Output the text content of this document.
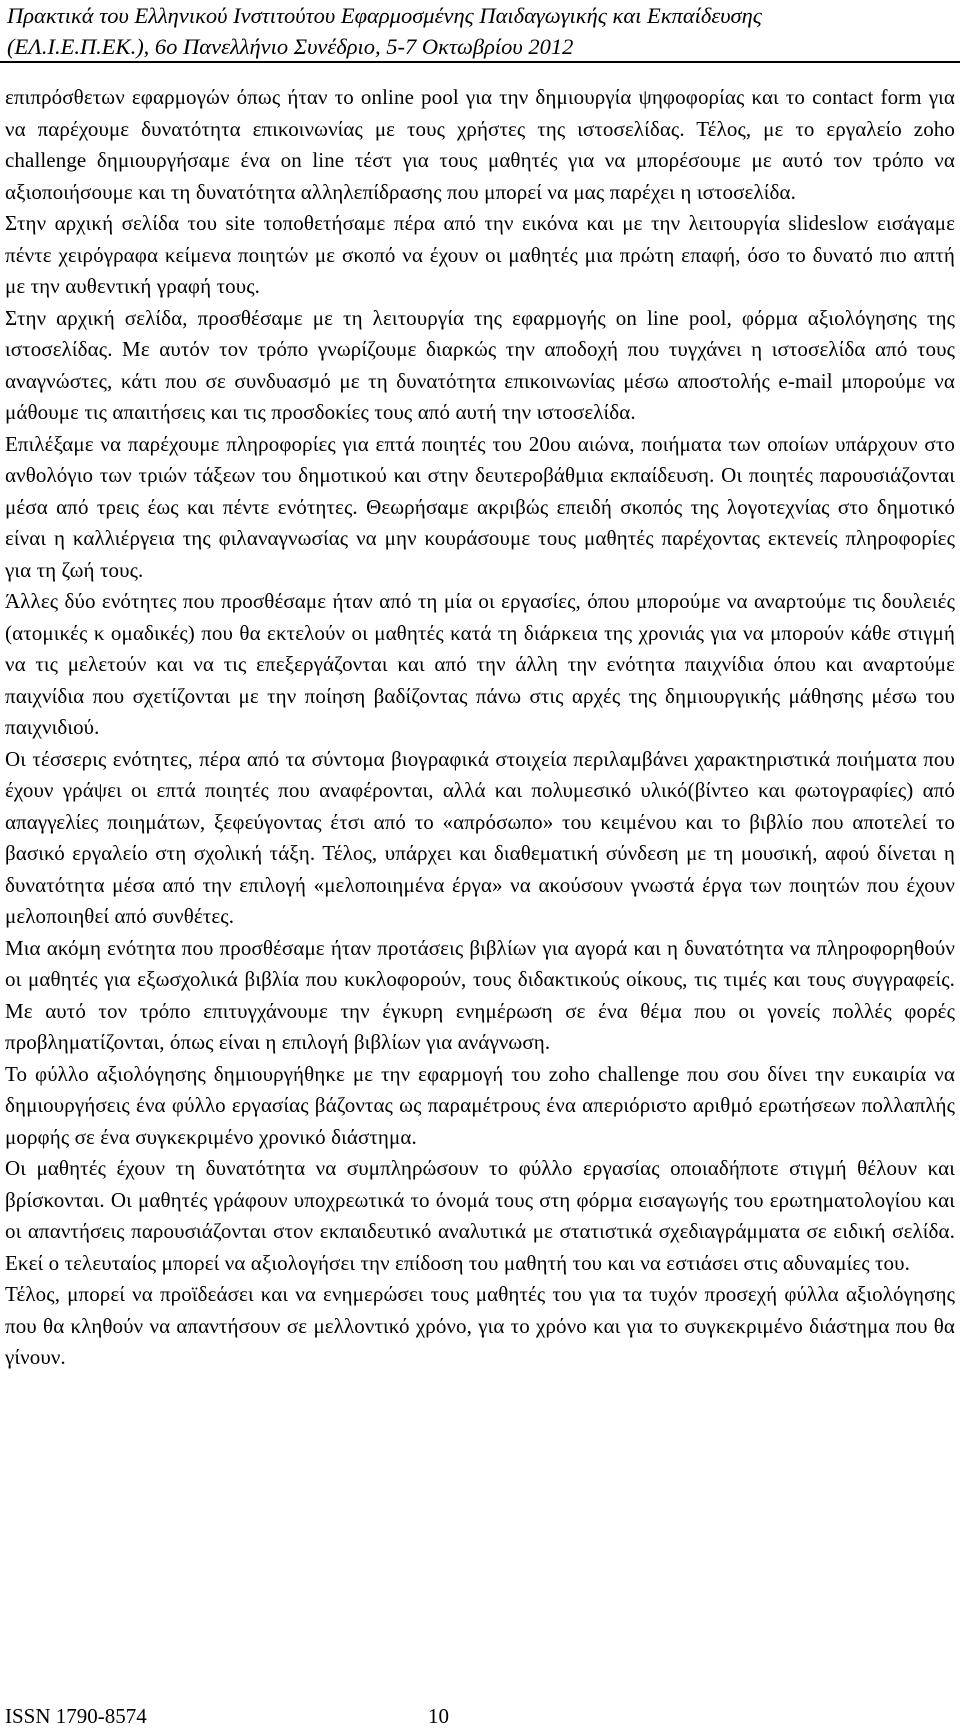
Πρακτικά του Ελληνικού Ινστιτούτου Εφαρμοσμένης Παιδαγωγικής και Εκπαίδευσης
(ΕΛ.Ι.Ε.Π.ΕΚ.), 6ο Πανελλήνιο Συνέδριο, 5-7 Οκτωβρίου 2012

επιπρόσθετων εφαρμογών όπως ήταν το online pool για την δημιουργία ψηφοφορίας και το contact form για να παρέχουμε δυνατότητα επικοινωνίας με τους χρήστες της ιστοσελίδας. Τέλος, με το εργαλείο zoho challenge δημιουργήσαμε ένα on line τέστ για τους μαθητές για να μπορέσουμε με αυτό τον τρόπο να αξιοποιήσουμε και τη δυνατότητα αλληλεπίδρασης που μπορεί να μας παρέχει η ιστοσελίδα.

Στην αρχική σελίδα του site τοποθετήσαμε πέρα από την εικόνα και με την λειτουργία slideslow εισάγαμε πέντε χειρόγραφα κείμενα ποιητών με σκοπό να έχουν οι μαθητές μια πρώτη επαφή, όσο το δυνατό πιο απτή με την αυθεντική γραφή τους.

Στην αρχική σελίδα, προσθέσαμε με τη λειτουργία της εφαρμογής on line pool, φόρμα αξιολόγησης της ιστοσελίδας. Με αυτόν τον τρόπο γνωρίζουμε διαρκώς την αποδοχή που τυγχάνει η ιστοσελίδα από τους αναγνώστες, κάτι που σε συνδυασμό με τη δυνατότητα επικοινωνίας μέσω αποστολής e-mail μπορούμε να μάθουμε τις απαιτήσεις και τις προσδοκίες τους από αυτή την ιστοσελίδα.

Επιλέξαμε να παρέχουμε πληροφορίες για επτά ποιητές του 20ου αιώνα, ποιήματα των οποίων υπάρχουν στο ανθολόγιο των τριών τάξεων του δημοτικού και στην δευτεροβάθμια εκπαίδευση. Οι ποιητές παρουσιάζονται μέσα από τρεις έως και πέντε ενότητες. Θεωρήσαμε ακριβώς επειδή σκοπός της λογοτεχνίας στο δημοτικό είναι η καλλιέργεια της φιλαναγνωσίας να μην κουράσουμε τους μαθητές παρέχοντας εκτενείς πληροφορίες για τη ζωή τους.

Άλλες δύο ενότητες που προσθέσαμε ήταν από τη μία οι εργασίες, όπου μπορούμε να αναρτούμε τις δουλειές (ατομικές κ ομαδικές) που θα εκτελούν οι μαθητές κατά τη διάρκεια της χρονιάς για να μπορούν κάθε στιγμή να τις μελετούν και να τις επεξεργάζονται και από την άλλη την ενότητα παιχνίδια όπου και αναρτούμε παιχνίδια που σχετίζονται με την ποίηση βαδίζοντας πάνω στις αρχές της δημιουργικής μάθησης μέσω του παιχνιδιού.

Οι τέσσερις ενότητες, πέρα από τα σύντομα βιογραφικά στοιχεία περιλαμβάνει χαρακτηριστικά ποιήματα που έχουν γράψει οι επτά ποιητές που αναφέρονται, αλλά και πολυμεσικό υλικό(βίντεο και φωτογραφίες) από απαγγελίες ποιημάτων, ξεφεύγοντας έτσι από το «απρόσωπο» του κειμένου και το βιβλίο που αποτελεί το βασικό εργαλείο στη σχολική τάξη. Τέλος, υπάρχει και διαθεματική σύνδεση με τη μουσική, αφού δίνεται η δυνατότητα μέσα από την επιλογή «μελοποιημένα έργα» να ακούσουν γνωστά έργα των ποιητών που έχουν μελοποιηθεί από συνθέτες.

Μια ακόμη ενότητα που προσθέσαμε ήταν προτάσεις βιβλίων για αγορά και η δυνατότητα να πληροφορηθούν οι μαθητές για εξωσχολικά βιβλία που κυκλοφορούν, τους διδακτικούς οίκους, τις τιμές και τους συγγραφείς. Με αυτό τον τρόπο επιτυγχάνουμε την έγκυρη ενημέρωση σε ένα θέμα που οι γονείς πολλές φορές προβληματίζονται, όπως είναι η επιλογή βιβλίων για ανάγνωση.

Το φύλλο αξιολόγησης δημιουργήθηκε με την εφαρμογή του zoho challenge που σου δίνει την ευκαιρία να δημιουργήσεις ένα φύλλο εργασίας βάζοντας ως παραμέτρους ένα απεριόριστο αριθμό ερωτήσεων πολλαπλής μορφής σε ένα συγκεκριμένο χρονικό διάστημα.

Οι μαθητές έχουν τη δυνατότητα να συμπληρώσουν το φύλλο εργασίας οποιαδήποτε στιγμή θέλουν και βρίσκονται. Οι μαθητές γράφουν υποχρεωτικά το όνομά τους στη φόρμα εισαγωγής του ερωτηματολογίου και οι απαντήσεις παρουσιάζονται στον εκπαιδευτικό αναλυτικά με στατιστικά σχεδιαγράμματα σε ειδική σελίδα. Εκεί ο τελευταίος μπορεί να αξιολογήσει την επίδοση του μαθητή του και να εστιάσει στις αδυναμίες του.

Τέλος, μπορεί να προϊδεάσει και να ενημερώσει τους μαθητές του για τα τυχόν προσεχή φύλλα αξιολόγησης που θα κληθούν να απαντήσουν σε μελλοντικό χρόνο, για το χρόνο και για το συγκεκριμένο διάστημα που θα γίνουν.

ISSN 1790-8574	10
